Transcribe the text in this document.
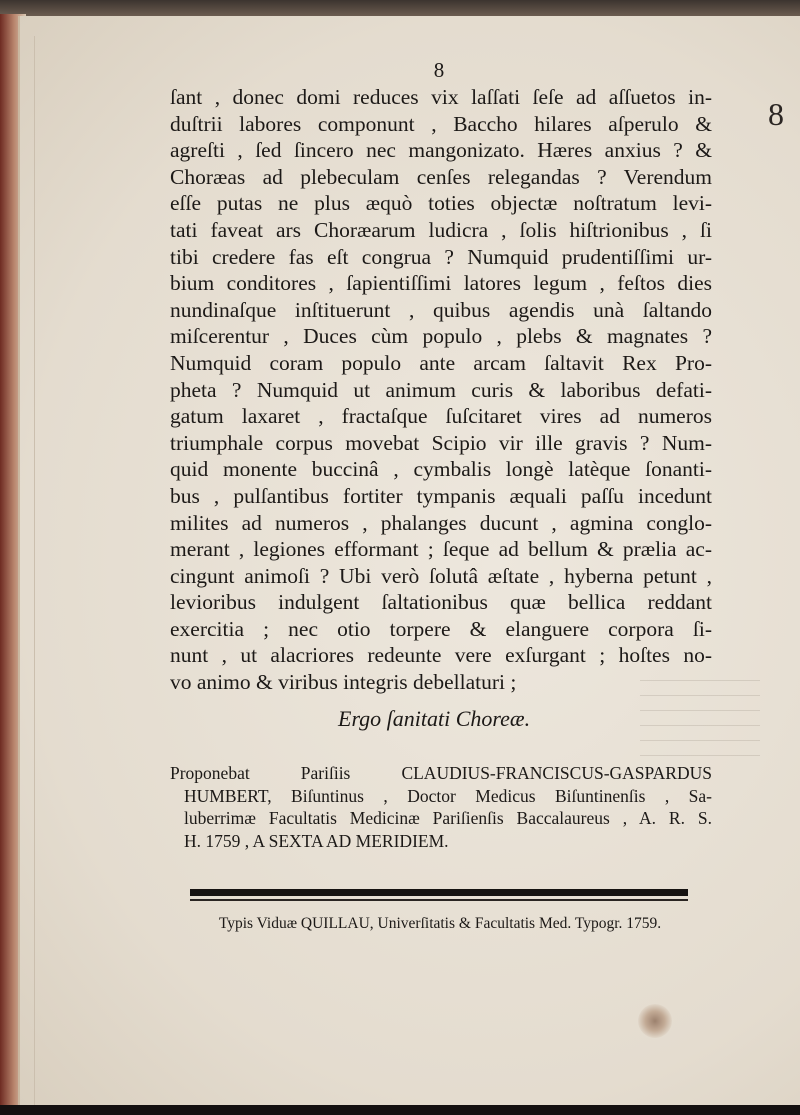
8
8
ſant , donec domi reduces vix laſſati ſeſe ad aſſuetos in-
duſtrii labores componunt , Baccho hilares aſperulo &
agreſti , ſed ſincero nec mangonizato. Hæres anxius ? &
Choræas ad plebeculam cenſes relegandas ? Verendum
eſſe putas ne plus æquò toties objectæ noſtratum levi-
tati faveat ars Choræarum ludicra , ſolis hiſtrionibus , ſi
tibi credere fas eſt congrua ? Numquid prudentiſſimi ur-
bium conditores , ſapientiſſimi latores legum , feſtos dies
nundinaſque inſtituerunt , quibus agendis unà ſaltando
miſcerentur , Duces cùm populo , plebs & magnates ?
Numquid coram populo ante arcam ſaltavit Rex Pro-
pheta ? Numquid ut animum curis & laboribus defati-
gatum laxaret , fractaſque ſuſcitaret vires ad numeros
triumphale corpus movebat Scipio vir ille gravis ? Num-
quid monente buccinâ , cymbalis longè latèque ſonanti-
bus , pulſantibus fortiter tympanis æquali paſſu incedunt
milites ad numeros , phalanges ducunt , agmina conglo-
merant , legiones efformant ; ſeque ad bellum & prælia ac-
cingunt animoſi ? Ubi verò ſolutâ æſtate , hyberna petunt ,
levioribus indulgent ſaltationibus quæ bellica reddant
exercitia ; nec otio torpere & elanguere corpora ſi-
nunt , ut alacriores redeunte vere exſurgant ; hoſtes no-
vo animo & viribus integris debellaturi ;
Ergo ſanitati Choreæ.
Proponebat Pariſiis CLAUDIUS-FRANCISCUS-GASPARDUS
HUMBERT, Biſuntinus , Doctor Medicus Biſuntinenſis , Sa-
luberrimæ Facultatis Medicinæ Pariſienſis Baccalaureus , A. R. S.
H. 1759 , A SEXTA AD MERIDIEM.
Typis Viduæ QUILLAU, Univerſitatis & Facultatis Med. Typogr. 1759.
